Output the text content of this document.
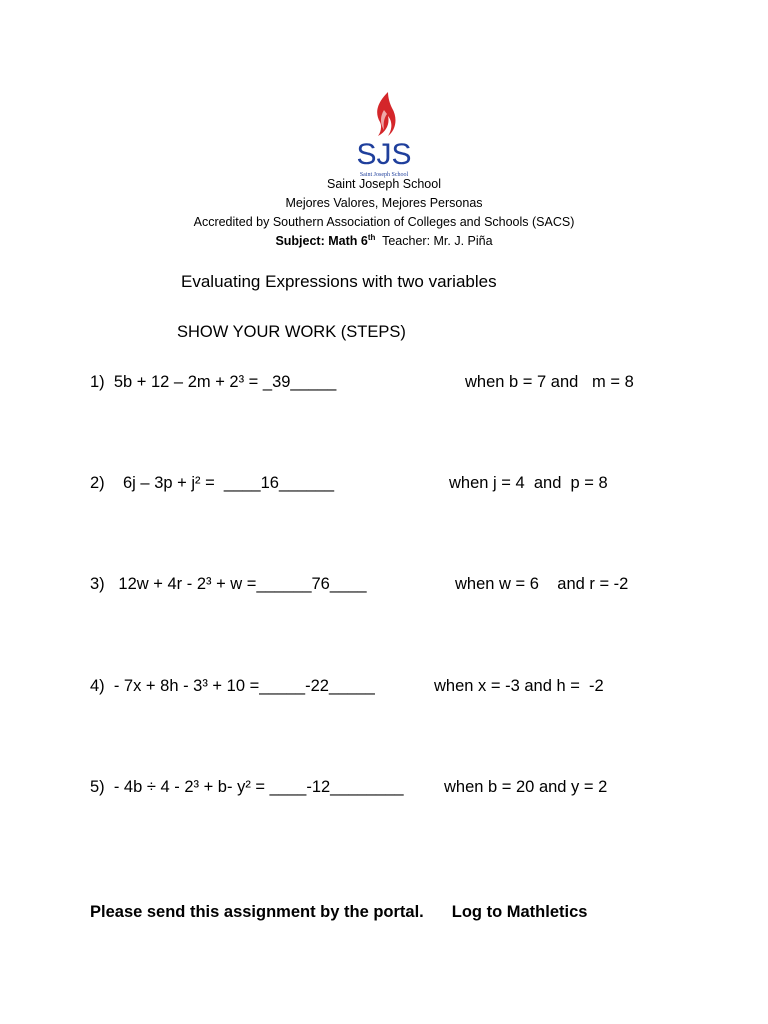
SJS
Saint Joseph School
Saint Joseph School
Mejores Valores, Mejores Personas
Accredited by Southern Association of Colleges and Schools (SACS)
Subject: Math 6th  Teacher: Mr. J. Piña
Evaluating Expressions with two variables
SHOW YOUR WORK (STEPS)
1)  5b + 12 – 2m + 2³ = _39_____	when b = 7 and   m = 8
2)    6j – 3p + j² =  ____16______	when j = 4  and  p = 8
3)   12w + 4r - 2³ + w =______76____	when w = 6    and r = -2
4)  - 7x + 8h - 3³ + 10 =_____-22_____	when x = -3 and h =  -2
5)  - 4b ÷ 4 - 2³ + b- y² = ____-12________ when b = 20 and y = 2
Please send this assignment by the portal. Log to Mathletics
